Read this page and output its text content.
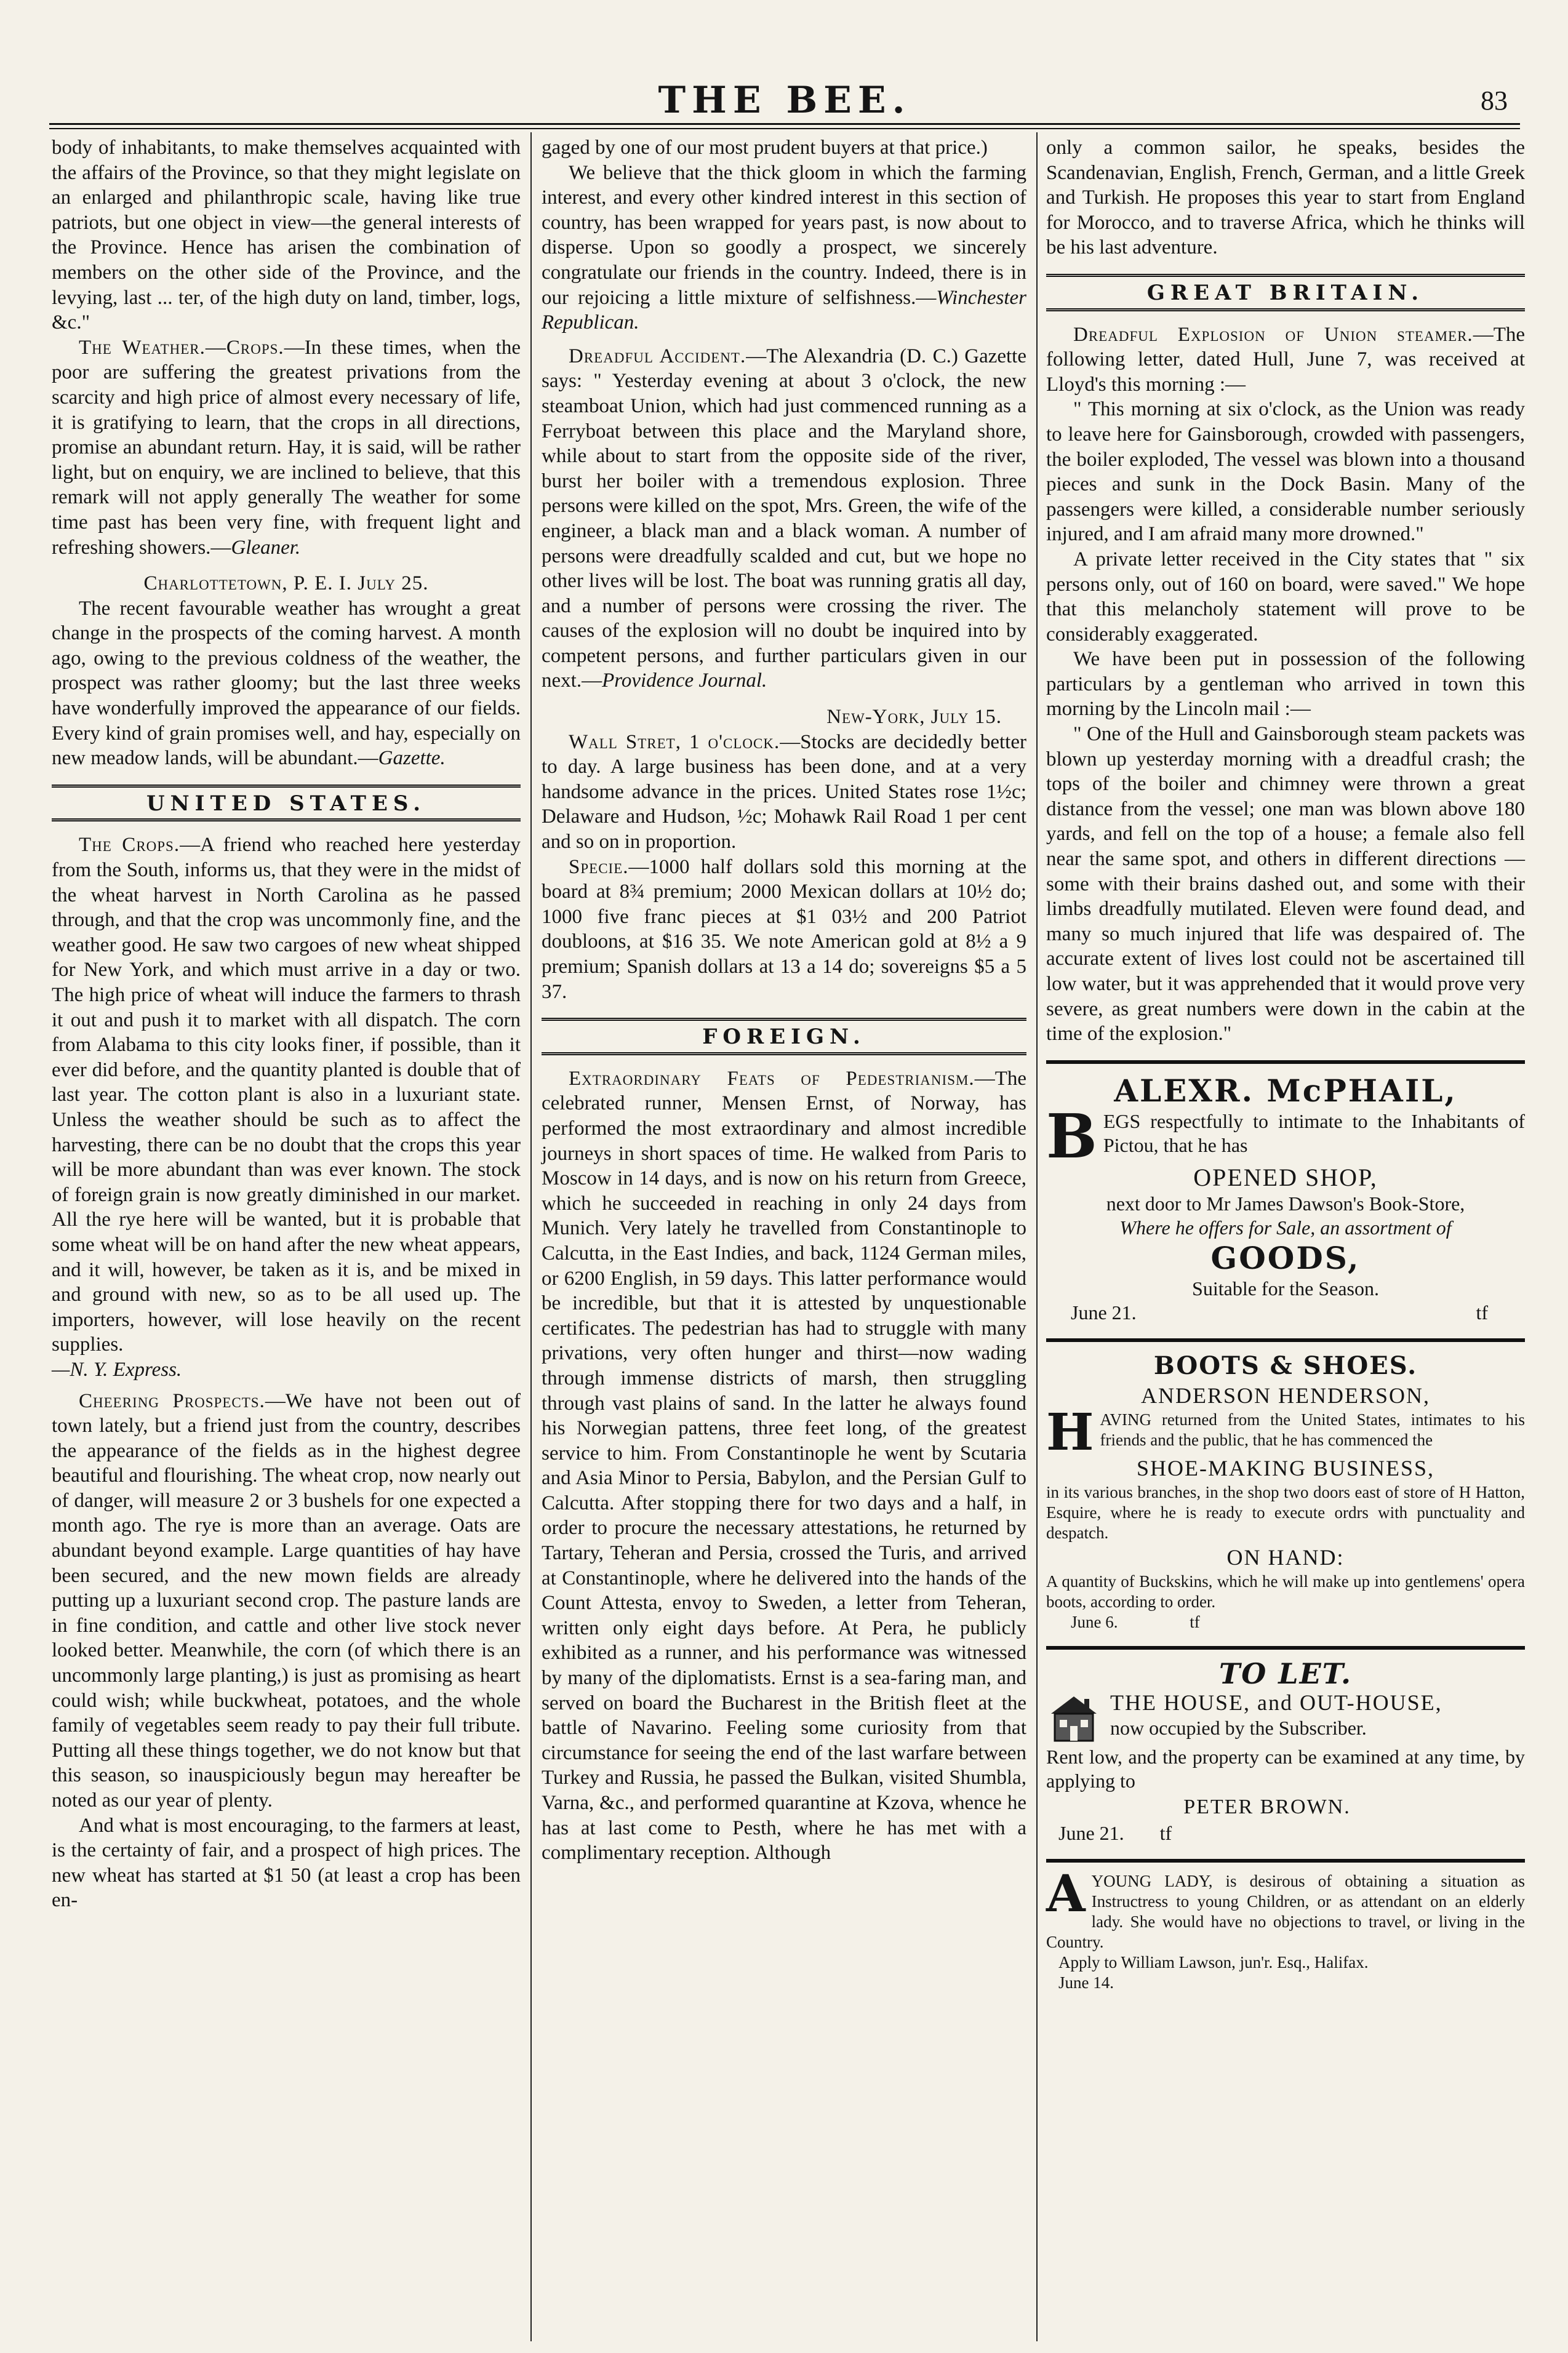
THE BEE.	83

body of inhabitants, to make themselves acquainted with the affairs of the Province, so that they might legislate on an enlarged and philanthropic scale, having like true patriots, but one object in view—the general interests of the Province. Hence has arisen the combination of members on the other side of the Province, and the levying, last ... ter, of the high duty on land, timber, logs, &c."

The Weather.—Crops.—In these times, when the poor are suffering the greatest privations from the scarcity and high price of almost every necessary of life, it is gratifying to learn, that the crops in all directions, promise an abundant return. Hay, it is said, will be rather light, but on enquiry, we are inclined to believe, that this remark will not apply generally The weather for some time past has been very fine, with frequent light and refreshing showers.—Gleaner.

Charlottetown, P. E. I. July 25.

The recent favourable weather has wrought a great change in the prospects of the coming harvest. A month ago, owing to the previous coldness of the weather, the prospect was rather gloomy; but the last three weeks have wonderfully improved the appearance of our fields. Every kind of grain promises well, and hay, especially on new meadow lands, will be abundant.—Gazette.

UNITED STATES.

The Crops.—A friend who reached here yesterday from the South, informs us, that they were in the midst of the wheat harvest in North Carolina as he passed through, and that the crop was uncommonly fine, and the weather good. He saw two cargoes of new wheat shipped for New York, and which must arrive in a day or two. The high price of wheat will induce the farmers to thrash it out and push it to market with all dispatch. The corn from Alabama to this city looks finer, if possible, than it ever did before, and the quantity planted is double that of last year. The cotton plant is also in a luxuriant state. Unless the weather should be such as to affect the harvesting, there can be no doubt that the crops this year will be more abundant than was ever known. The stock of foreign grain is now greatly diminished in our market. All the rye here will be wanted, but it is probable that some wheat will be on hand after the new wheat appears, and it will, however, be taken as it is, and be mixed in and ground with new, so as to be all used up. The importers, however, will lose heavily on the recent supplies.

—N. Y. Express.

Cheering Prospects.—We have not been out of town lately, but a friend just from the country, describes the appearance of the fields as in the highest degree beautiful and flourishing. The wheat crop, now nearly out of danger, will measure 2 or 3 bushels for one expected a month ago. The rye is more than an average. Oats are abundant beyond example. Large quantities of hay have been secured, and the new mown fields are already putting up a luxuriant second crop. The pasture lands are in fine condition, and cattle and other live stock never looked better. Meanwhile, the corn (of which there is an uncommonly large planting,) is just as promising as heart could wish; while buckwheat, potatoes, and the whole family of vegetables seem ready to pay their full tribute. Putting all these things together, we do not know but that this season, so inauspiciously begun may hereafter be noted as our year of plenty.

And what is most encouraging, to the farmers at least, is the certainty of fair, and a prospect of high prices. The new wheat has started at $1 50 (at least a crop has been en-

gaged by one of our most prudent buyers at that price.)

We believe that the thick gloom in which the farming interest, and every other kindred interest in this section of country, has been wrapped for years past, is now about to disperse. Upon so goodly a prospect, we sincerely congratulate our friends in the country. Indeed, there is in our rejoicing a little mixture of selfishness.—Winchester Republican.

Dreadful Accident.—The Alexandria (D. C.) Gazette says: " Yesterday evening at about 3 o'clock, the new steamboat Union, which had just commenced running as a Ferryboat between this place and the Maryland shore, while about to start from the opposite side of the river, burst her boiler with a tremendous explosion. Three persons were killed on the spot, Mrs. Green, the wife of the engineer, a black man and a black woman. A number of persons were dreadfully scalded and cut, but we hope no other lives will be lost. The boat was running gratis all day, and a number of persons were crossing the river. The causes of the explosion will no doubt be inquired into by competent persons, and further particulars given in our next.—Providence Journal.

New-York, July 15.

Wall Stret, 1 o'clock.—Stocks are decidedly better to day. A large business has been done, and at a very handsome advance in the prices. United States rose 1½c; Delaware and Hudson, ½c; Mohawk Rail Road 1 per cent and so on in proportion.

Specie.—1000 half dollars sold this morning at the board at 8¾ premium; 2000 Mexican dollars at 10½ do; 1000 five franc pieces at $1 03½ and 200 Patriot doubloons, at $16 35. We note American gold at 8½ a 9 premium; Spanish dollars at 13 a 14 do; sovereigns $5 a 5 37.

FOREIGN.

Extraordinary Feats of Pedestrianism.—The celebrated runner, Mensen Ernst, of Norway, has performed the most extraordinary and almost incredible journeys in short spaces of time. He walked from Paris to Moscow in 14 days, and is now on his return from Greece, which he succeeded in reaching in only 24 days from Munich. Very lately he travelled from Constantinople to Calcutta, in the East Indies, and back, 1124 German miles, or 6200 English, in 59 days. This latter performance would be incredible, but that it is attested by unquestionable certificates. The pedestrian has had to struggle with many privations, very often hunger and thirst—now wading through immense districts of marsh, then struggling through vast plains of sand. In the latter he always found his Norwegian pattens, three feet long, of the greatest service to him. From Constantinople he went by Scutaria and Asia Minor to Persia, Babylon, and the Persian Gulf to Calcutta. After stopping there for two days and a half, in order to procure the necessary attestations, he returned by Tartary, Teheran and Persia, crossed the Turis, and arrived at Constantinople, where he delivered into the hands of the Count Attesta, envoy to Sweden, a letter from Teheran, written only eight days before. At Pera, he publicly exhibited as a runner, and his performance was witnessed by many of the diplomatists. Ernst is a sea-faring man, and served on board the Bucharest in the British fleet at the battle of Navarino. Feeling some curiosity from that circumstance for seeing the end of the last warfare between Turkey and Russia, he passed the Bulkan, visited Shumbla, Varna, &c., and performed quarantine at Kzova, whence he has at last come to Pesth, where he has met with a complimentary reception. Although

only a common sailor, he speaks, besides the Scandenavian, English, French, German, and a little Greek and Turkish. He proposes this year to start from England for Morocco, and to traverse Africa, which he thinks will be his last adventure.

GREAT BRITAIN.

Dreadful Explosion of Union steamer.—The following letter, dated Hull, June 7, was received at Lloyd's this morning :—

" This morning at six o'clock, as the Union was ready to leave here for Gainsborough, crowded with passengers, the boiler exploded, The vessel was blown into a thousand pieces and sunk in the Dock Basin. Many of the passengers were killed, a considerable number seriously injured, and I am afraid many more drowned."

A private letter received in the City states that " six persons only, out of 160 on board, were saved." We hope that this melancholy statement will prove to be considerably exaggerated.

We have been put in possession of the following particulars by a gentleman who arrived in town this morning by the Lincoln mail :—

" One of the Hull and Gainsborough steam packets was blown up yesterday morning with a dreadful crash; the tops of the boiler and chimney were thrown a great distance from the vessel; one man was blown above 180 yards, and fell on the top of a house; a female also fell near the same spot, and others in different directions — some with their brains dashed out, and some with their limbs dreadfully mutilated. Eleven were found dead, and many so much injured that life was despaired of. The accurate extent of lives lost could not be ascertained till low water, but it was apprehended that it would prove very severe, as great numbers were down in the cabin at the time of the explosion."

ALEXR. McPHAIL,
BEGS respectfully to intimate to the Inhabitants of Pictou, that he has
OPENED SHOP,
next door to Mr James Dawson's Book-Store,
Where he offers for Sale, an assortment of
GOODS,
Suitable for the Season.
June 21.	tf
BOOTS & SHOES.
ANDERSON HENDERSON,
HAVING returned from the United States, intimates to his friends and the public, that he has commenced the
SHOE-MAKING BUSINESS,
in its various branches, in the shop two doors east of store of H Hatton, Esquire, where he is ready to execute ordrs with punctuality and despatch.
ON HAND:
A quantity of Buckskins, which he will make up into gentlemens' opera boots, according to order.
June 6.	tf
TO LET.
THE HOUSE, and OUT-HOUSE,
now occupied by the Subscriber.
Rent low, and the property can be examined at any time, by applying to
PETER BROWN.
June 21. tf
AYOUNG LADY, is desirous of obtaining a situation as Instructress to young Children, or as attendant on an elderly lady. She would have no objections to travel, or living in the Country.
Apply to William Lawson, jun'r. Esq., Halifax.
June 14.
